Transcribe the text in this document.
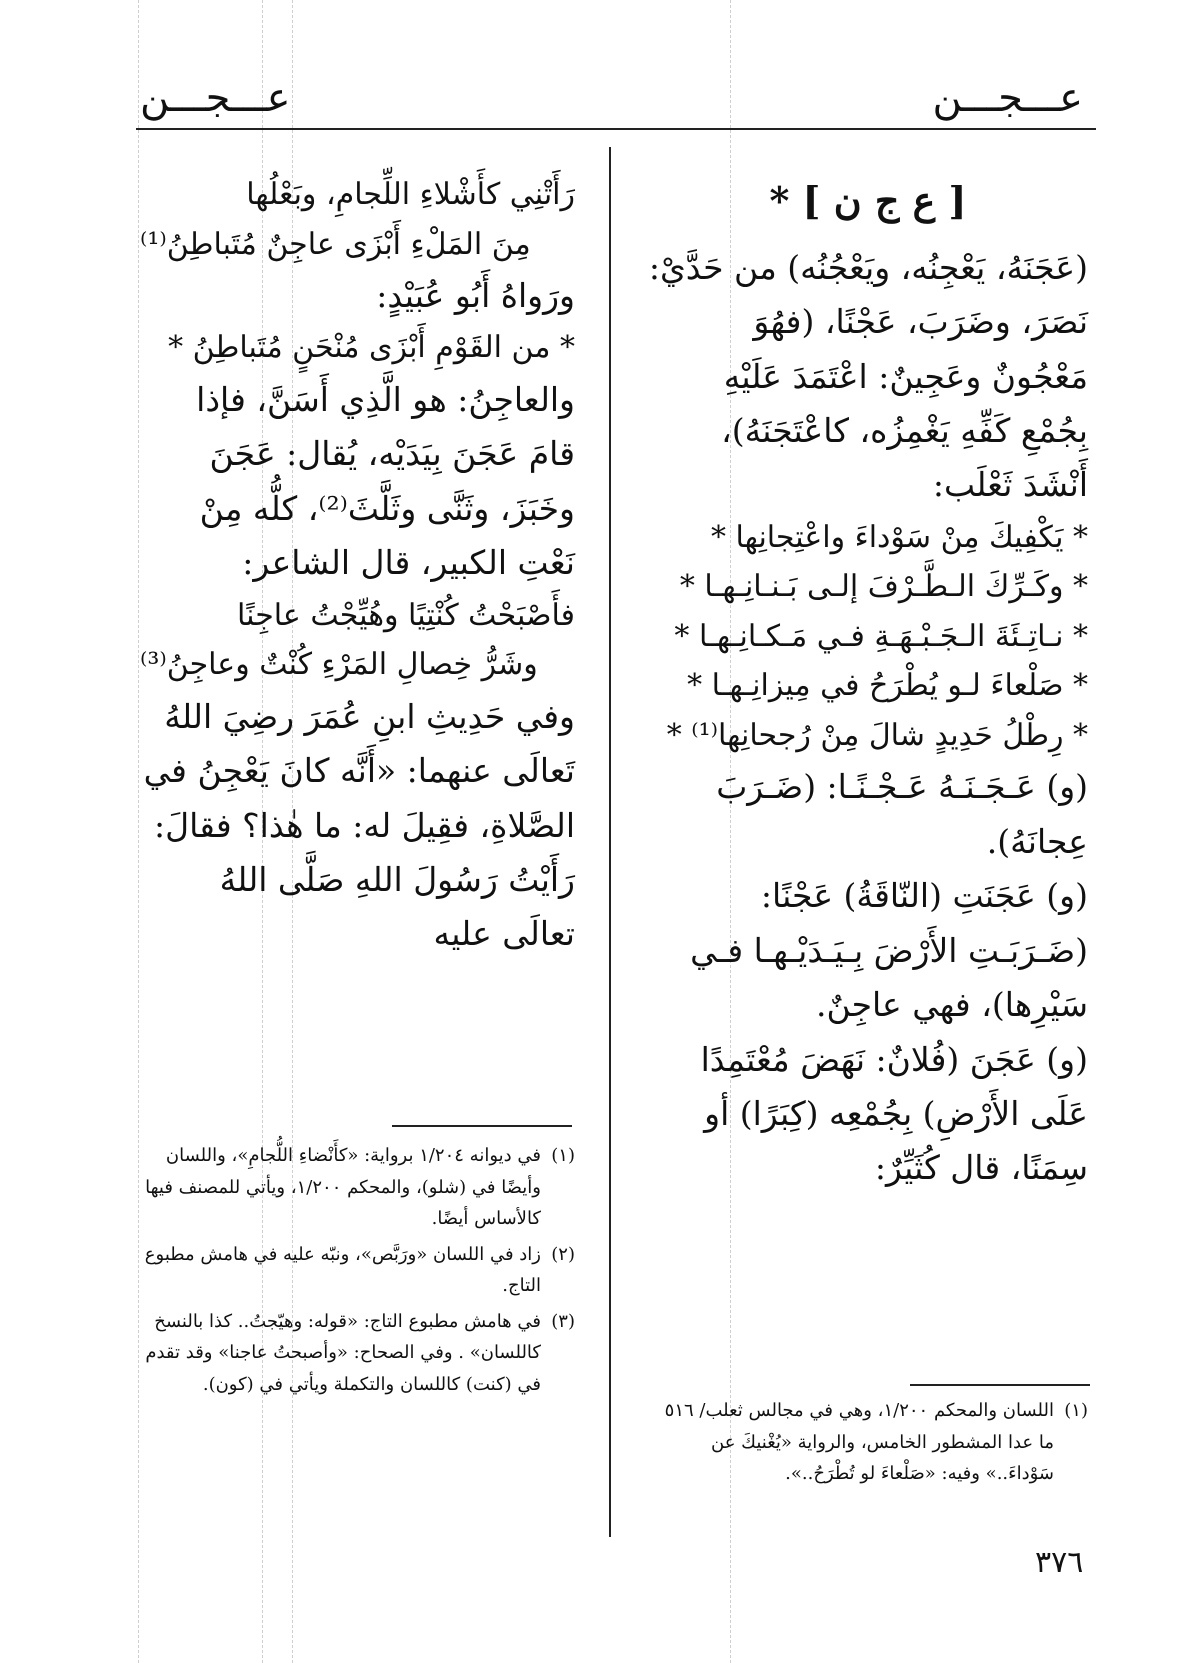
عـــجـــن	عـــجـــن

[ ع ج ن ] *

(عَجَنَهُ، يَعْجِنُه، ويَعْجُنُه) من حَدَّيْ: نَصَرَ، وضَرَبَ، عَجْنًا، (فهُوَ مَعْجُونٌ وعَجِينٌ: اعْتَمَدَ عَلَيْهِ بِجُمْعِ كَفِّهِ يَغْمِزُه، كاعْتَجَنَهُ)، أَنْشَدَ ثَعْلَب:

* يَكْفِيكَ مِنْ سَوْداءَ واعْتِجانِها *

* وكَـرِّكَ الـطَّـرْفَ إلـى بَـنـانِـهـا *

* نـاتِـئَةَ الـجَـبْـهَـةِ فـي مَـكـانِـهـا *

* صَلْعاءَ لـو يُطْرَحُ في مِيزانِـهـا *

* رِطْلُ حَدِيدٍ شالَ مِنْ رُجحانِها⁽¹⁾ *

(و) عَـجَـنَـهُ عَـجْـنًـا: (ضَـرَبَ عِجانَهُ).

(و) عَجَنَتِ (النّاقَةُ) عَجْنًا: (ضَـرَبَـتِ الأَرْضَ بِـيَـدَيْـهـا فـي سَيْرِها)، فهي عاجِنٌ.

(و) عَجَنَ (فُلانٌ: نَهَضَ مُعْتَمِدًا عَلَى الأَرْضِ) بِجُمْعِه (كِبَرًا) أو سِمَنًا، قال كُثَيِّرٌ:

رَأَتْنِي كأَشْلاءِ اللِّجامِ، وبَعْلُها

مِنَ المَلْءِ أَبْزَى عاجِنٌ مُتَباطِنُ⁽¹⁾

ورَواهُ أَبُو عُبَيْدٍ:

* من القَوْمِ أَبْزَى مُنْحَنٍ مُتَباطِنُ *

والعاجِنُ: هو الَّذِي أَسَنَّ، فإذا قامَ عَجَنَ بِيَدَيْه، يُقال: عَجَنَ وخَبَزَ، وثَنَّى وثَلَّثَ⁽²⁾، كلُّه مِنْ نَعْتِ الكبير، قال الشاعر:

فأَصْبَحْتُ كُنْتِيًا وهُيِّجْتُ عاجِنًا

وشَرُّ خِصالِ المَرْءِ كُنْتٌ وعاجِنُ⁽³⁾

وفي حَدِيثِ ابنِ عُمَرَ رضِيَ اللهُ تَعالَى عنهما: «أَنَّه كانَ يَعْجِنُ في الصَّلاةِ، فقِيلَ له: ما هٰذا؟ فقالَ: رَأَيْتُ رَسُولَ اللهِ صَلَّى اللهُ تعالَى عليه

(١)
في ديوانه ١/٢٠٤ برواية: «كأَنْضاءِ اللُّجامِ»، واللسان وأيضًا في (شلو)، والمحكم ١/٢٠٠، ويأتي للمصنف فيها كالأساس أيضًا.
(٢)
زاد في اللسان «ورَبَّص»، ونبّه عليه في هامش مطبوع التاج.
(٣)
في هامش مطبوع التاج: «قوله: وهيّجتُ.. كذا بالنسخ كاللسان» . وفي الصحاح: «وأصبحتُ عاجنا» وقد تقدم في (كنت) كاللسان والتكملة ويأتي في (كون).
(١)
اللسان والمحكم ١/٢٠٠، وهي في مجالس ثعلب/ ٥١٦ ما عدا المشطور الخامس، والرواية «يُغْنيكَ عن سَوْداءَ..» وفيه: «صَلْعاءَ لو تُطْرَحُ..».
٣٧٦
